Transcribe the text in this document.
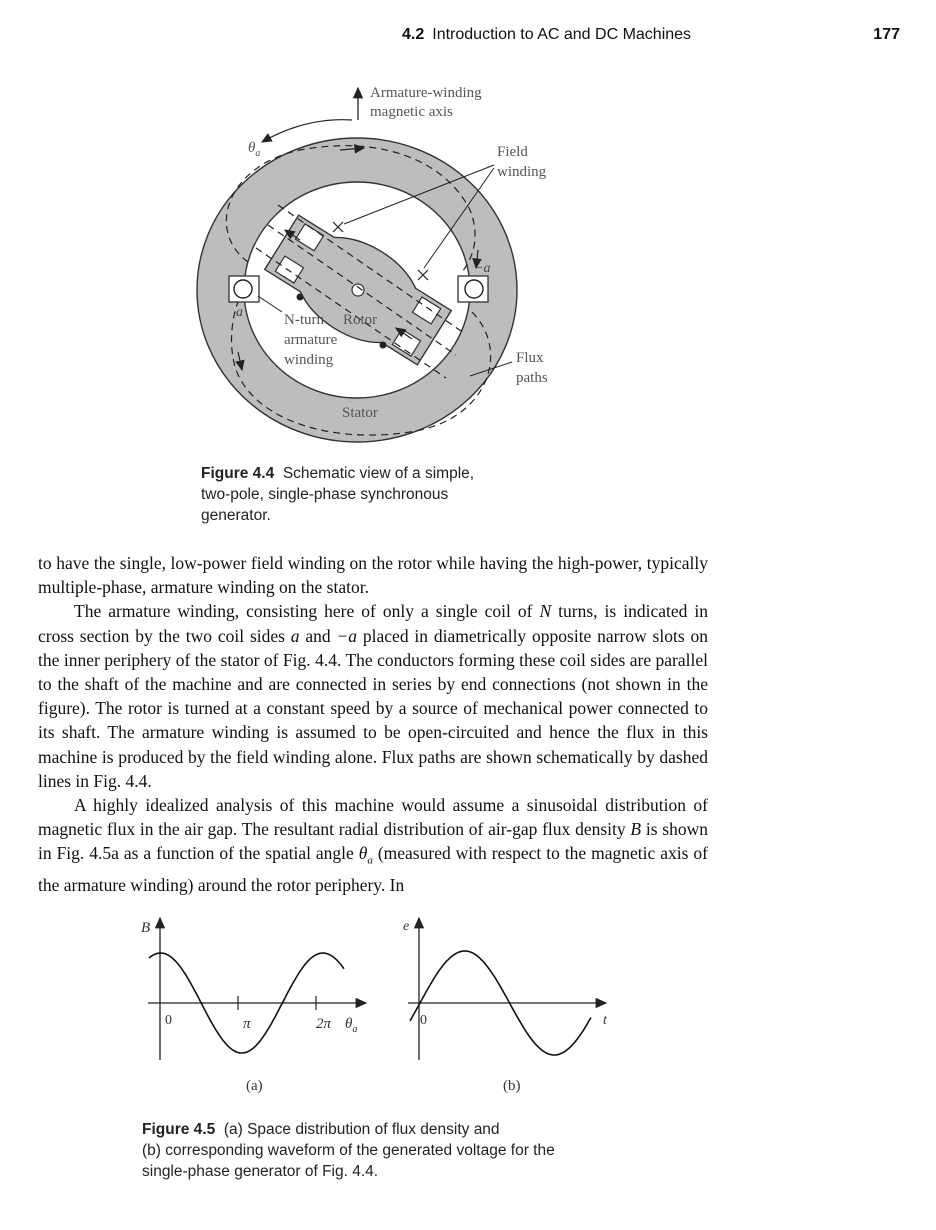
4.2 Introduction to AC and DC Machines	177
Armature-winding
magnetic axis
$\theta_a$	Field
winding
−a
a	N-turn
armature
winding
Rotor
Flux
paths
Stator
Figure 4.4 Schematic view of a simple,
two-pole, single-phase synchronous
generator.

to have the single, low-power field winding on the rotor while having the high-power, typically multiple-phase, armature winding on the stator.

The armature winding, consisting here of only a single coil of N turns, is indicated in cross section by the two coil sides a and −a placed in diametrically opposite narrow slots on the inner periphery of the stator of Fig. 4.4. The conductors forming these coil sides are parallel to the shaft of the machine and are connected in series by end connections (not shown in the figure). The rotor is turned at a constant speed by a source of mechanical power connected to its shaft. The armature winding is assumed to be open-circuited and hence the flux in this machine is produced by the field winding alone. Flux paths are shown schematically by dashed lines in Fig. 4.4.

A highly idealized analysis of this machine would assume a sinusoidal distribution of magnetic flux in the air gap. The resultant radial distribution of air-gap flux density B is shown in Fig. 4.5a as a function of the spatial angle $\theta_a$ (measured with respect to the magnetic axis of the armature winding) around the rotor periphery. In

B
0	π	2π $\theta_a$
(a)
e
0	t
(b)
Figure 4.5 (a) Space distribution of flux density and
(b) corresponding waveform of the generated voltage for the
single-phase generator of Fig. 4.4.
